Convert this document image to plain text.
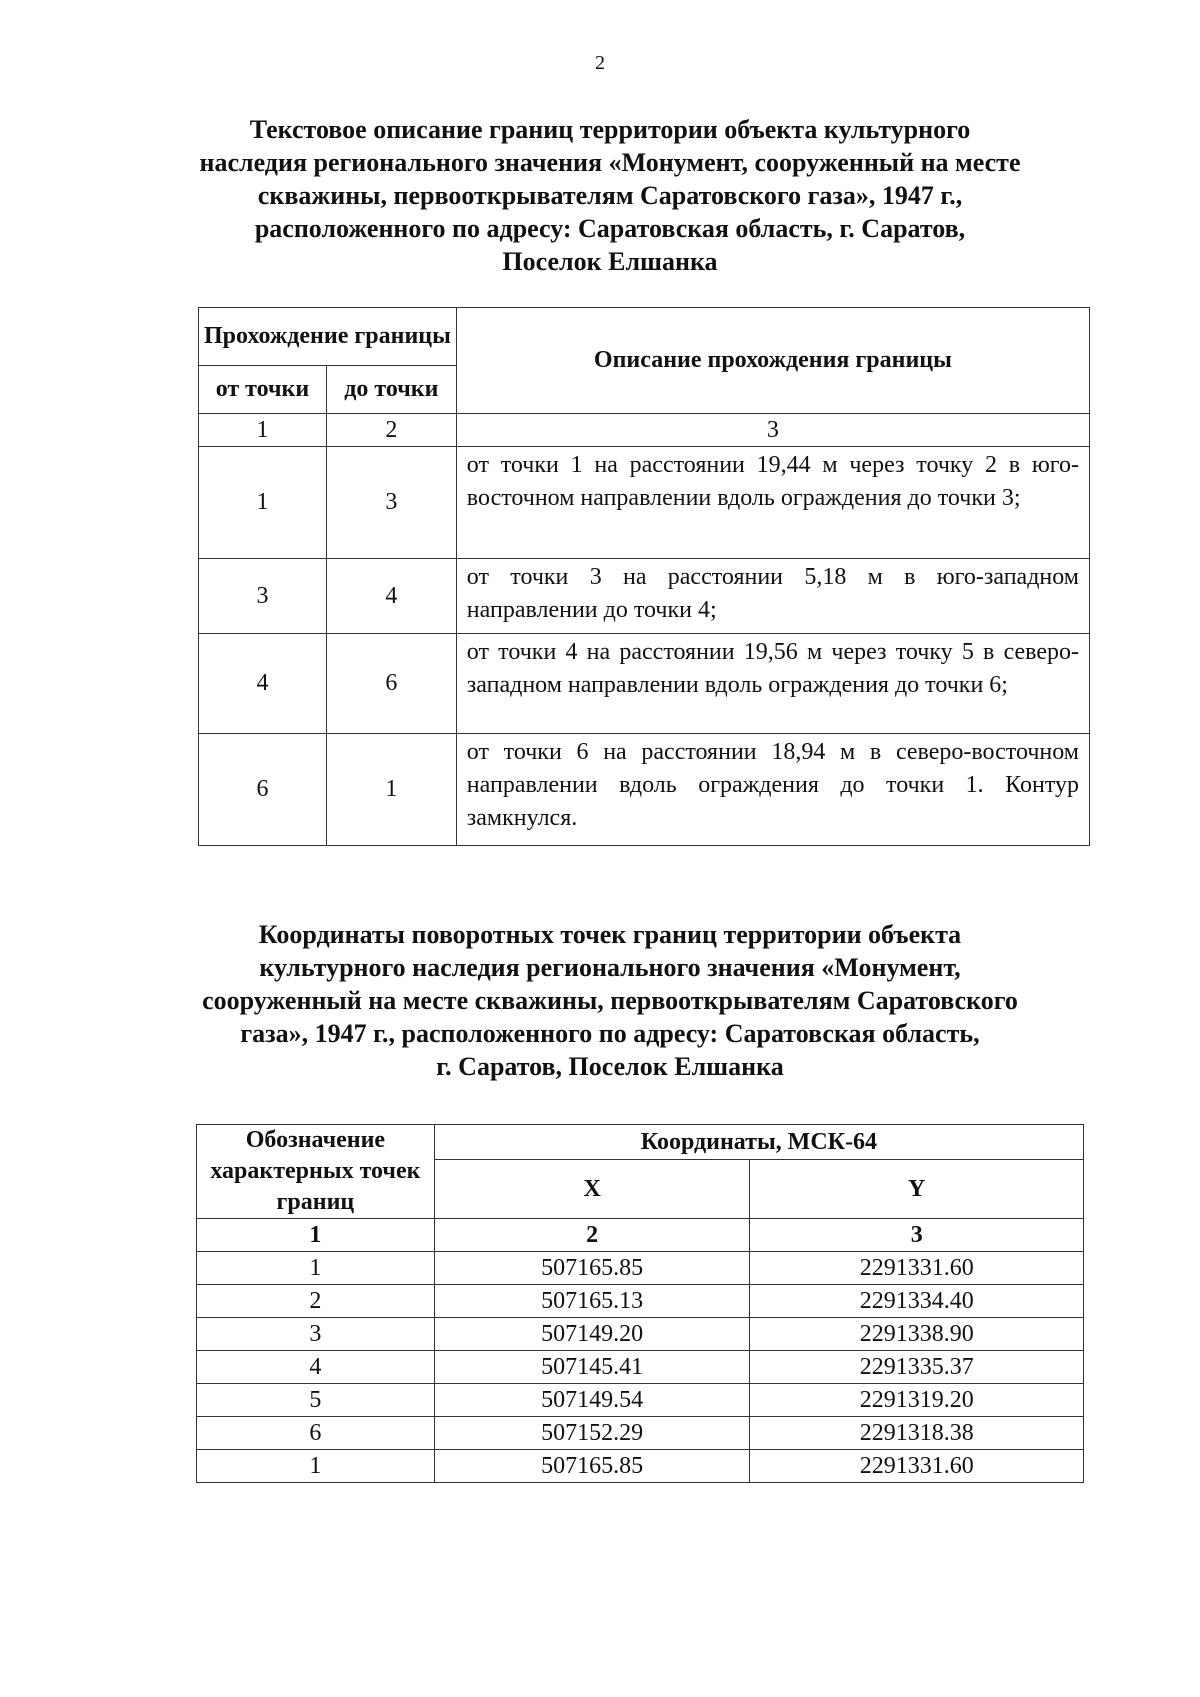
2
Текстовое описание границ территории объекта культурного
наследия регионального значения «Монумент, сооруженный на месте
скважины, первооткрывателям Саратовского газа», 1947 г.,
расположенного по адресу: Саратовская область, г. Саратов,
Поселок Елшанка
Прохождение границы		Описание прохождения границы
от точки	до точки	
1	2	3
1	3	от точки 1 на расстоянии 19,44 м через точку 2 в юго-восточном направлении вдоль ограждения до точки 3;
3	4	от точки 3 на расстоянии 5,18 м в юго-западном направлении до точки 4;
4	6	от точки 4 на расстоянии 19,56 м через точку 5 в северо-западном направлении вдоль ограждения до точки 6;
6	1	от точки 6 на расстоянии 18,94 м в северо-восточном направлении вдоль ограждения до точки 1. Контур замкнулся.
Координаты поворотных точек границ территории объекта
культурного наследия регионального значения «Монумент,
сооруженный на месте скважины, первооткрывателям Саратовского
газа», 1947 г., расположенного по адресу: Саратовская область,
г. Саратов, Поселок Елшанка
Обозначение характерных точек границ	Координаты, МСК-64	
	X	Y
1	2	3
1	507165.85	2291331.60
2	507165.13	2291334.40
3	507149.20	2291338.90
4	507145.41	2291335.37
5	507149.54	2291319.20
6	507152.29	2291318.38
1	507165.85	2291331.60
